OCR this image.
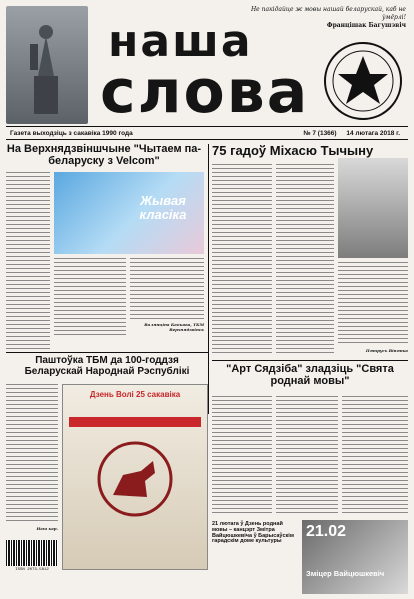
наша
слова
Не пакідайце ж мовы нашай беларускай, каб не ўмёрлі!
Францішак Багушэвіч
Газета выходзіць з сакавіка 1990 года	№ 7 (1366) 14 лютага 2018 г.
На Верхнядзвіншчыне "Чытаем па-беларуску з Velcom"
Жывая класіка
Валянціна Бабкова, ТБМ
Верхнядзвінск
75 гадоў Міхасю Тычыну
Пятрусь Вінянка
"Арт Сядзіба" зладзіць "Свята роднай мовы"
Паштоўка ТБМ да 100-годдзя Беларускай Народнай Рэспублікі
Наш кар.
Дзень Волі 25 сакавіка
ISSN 2073-5812
21 лютага ў Дзень роднай мовы – канцэрт Змітра Вайцюшкевіча ў Барысаўскім гарадскім доме культуры
21.02
Зміцер Вайцюшкевіч
